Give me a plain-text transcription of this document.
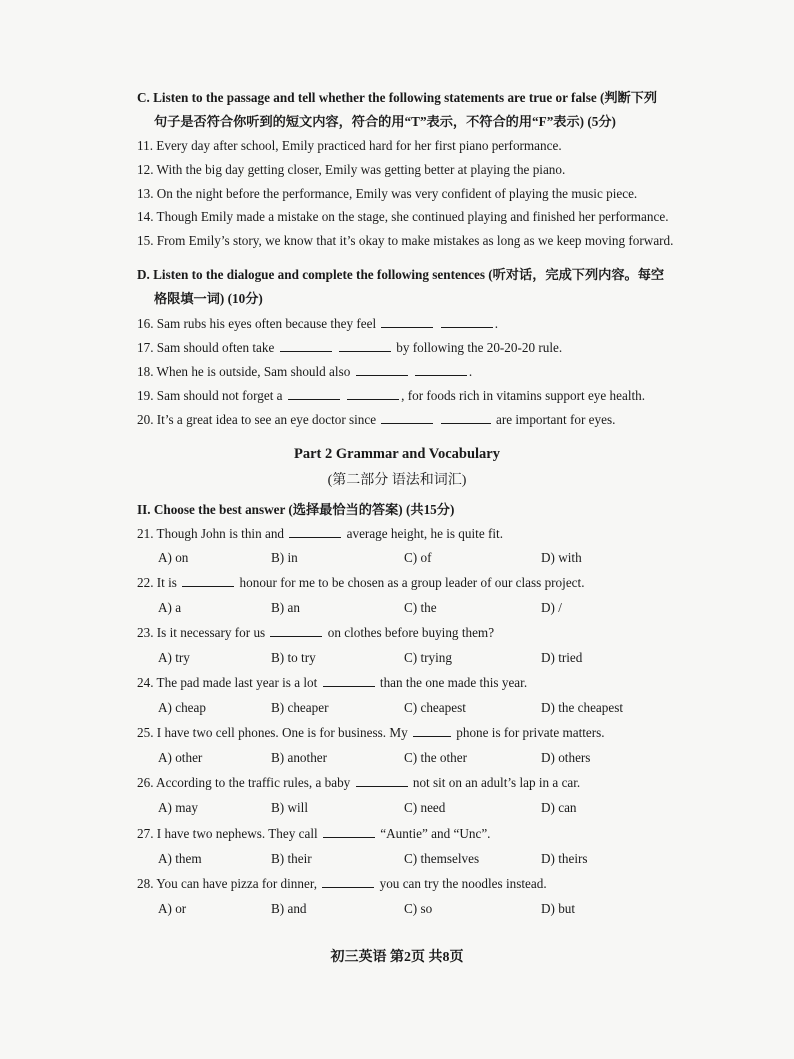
C. Listen to the passage and tell whether the following statements are true or false (判断下列
句子是否符合你听到的短文内容，符合的用“T”表示，不符合的用“F”表示) (5分)
11. Every day after school, Emily practiced hard for her first piano performance.
12. With the big day getting closer, Emily was getting better at playing the piano.
13. On the night before the performance, Emily was very confident of playing the music piece.
14. Though Emily made a mistake on the stage, she continued playing and finished her performance.
15. From Emily’s story, we know that it’s okay to make mistakes as long as we keep moving forward.
D. Listen to the dialogue and complete the following sentences (听对话，完成下列内容。每空
格限填一词) (10分)
16. Sam rubs his eyes often because they feel	.
17. Sam should often take	by following the 20-20-20 rule.
18. When he is outside, Sam should also	.
19. Sam should not forget a	, for foods rich in vitamins support eye health.
20. It’s a great idea to see an eye doctor since	are important for eyes.
Part 2 Grammar and Vocabulary
(第二部分 语法和词汇)
II. Choose the best answer (选择最恰当的答案) (共15分)
21. Though John is thin and	average height, he is quite fit.
A) on	B) in	C) of	D) with
22. It is	honour for me to be chosen as a group leader of our class project.
A) a	B) an	C) the	D) /
23. Is it necessary for us	on clothes before buying them?
A) try	B) to try	C) trying	D) tried
24. The pad made last year is a lot	than the one made this year.
A) cheap	B) cheaper	C) cheapest	D) the cheapest
25. I have two cell phones. One is for business. My	phone is for private matters.
A) other	B) another	C) the other	D) others
26. According to the traffic rules, a baby	not sit on an adult’s lap in a car.
A) may	B) will	C) need	D) can
27. I have two nephews. They call	“Auntie” and “Unc”.
A) them	B) their	C) themselves	D) theirs
28. You can have pizza for dinner,	you can try the noodles instead.
A) or	B) and	C) so	D) but
初三英语 第2页 共8页
